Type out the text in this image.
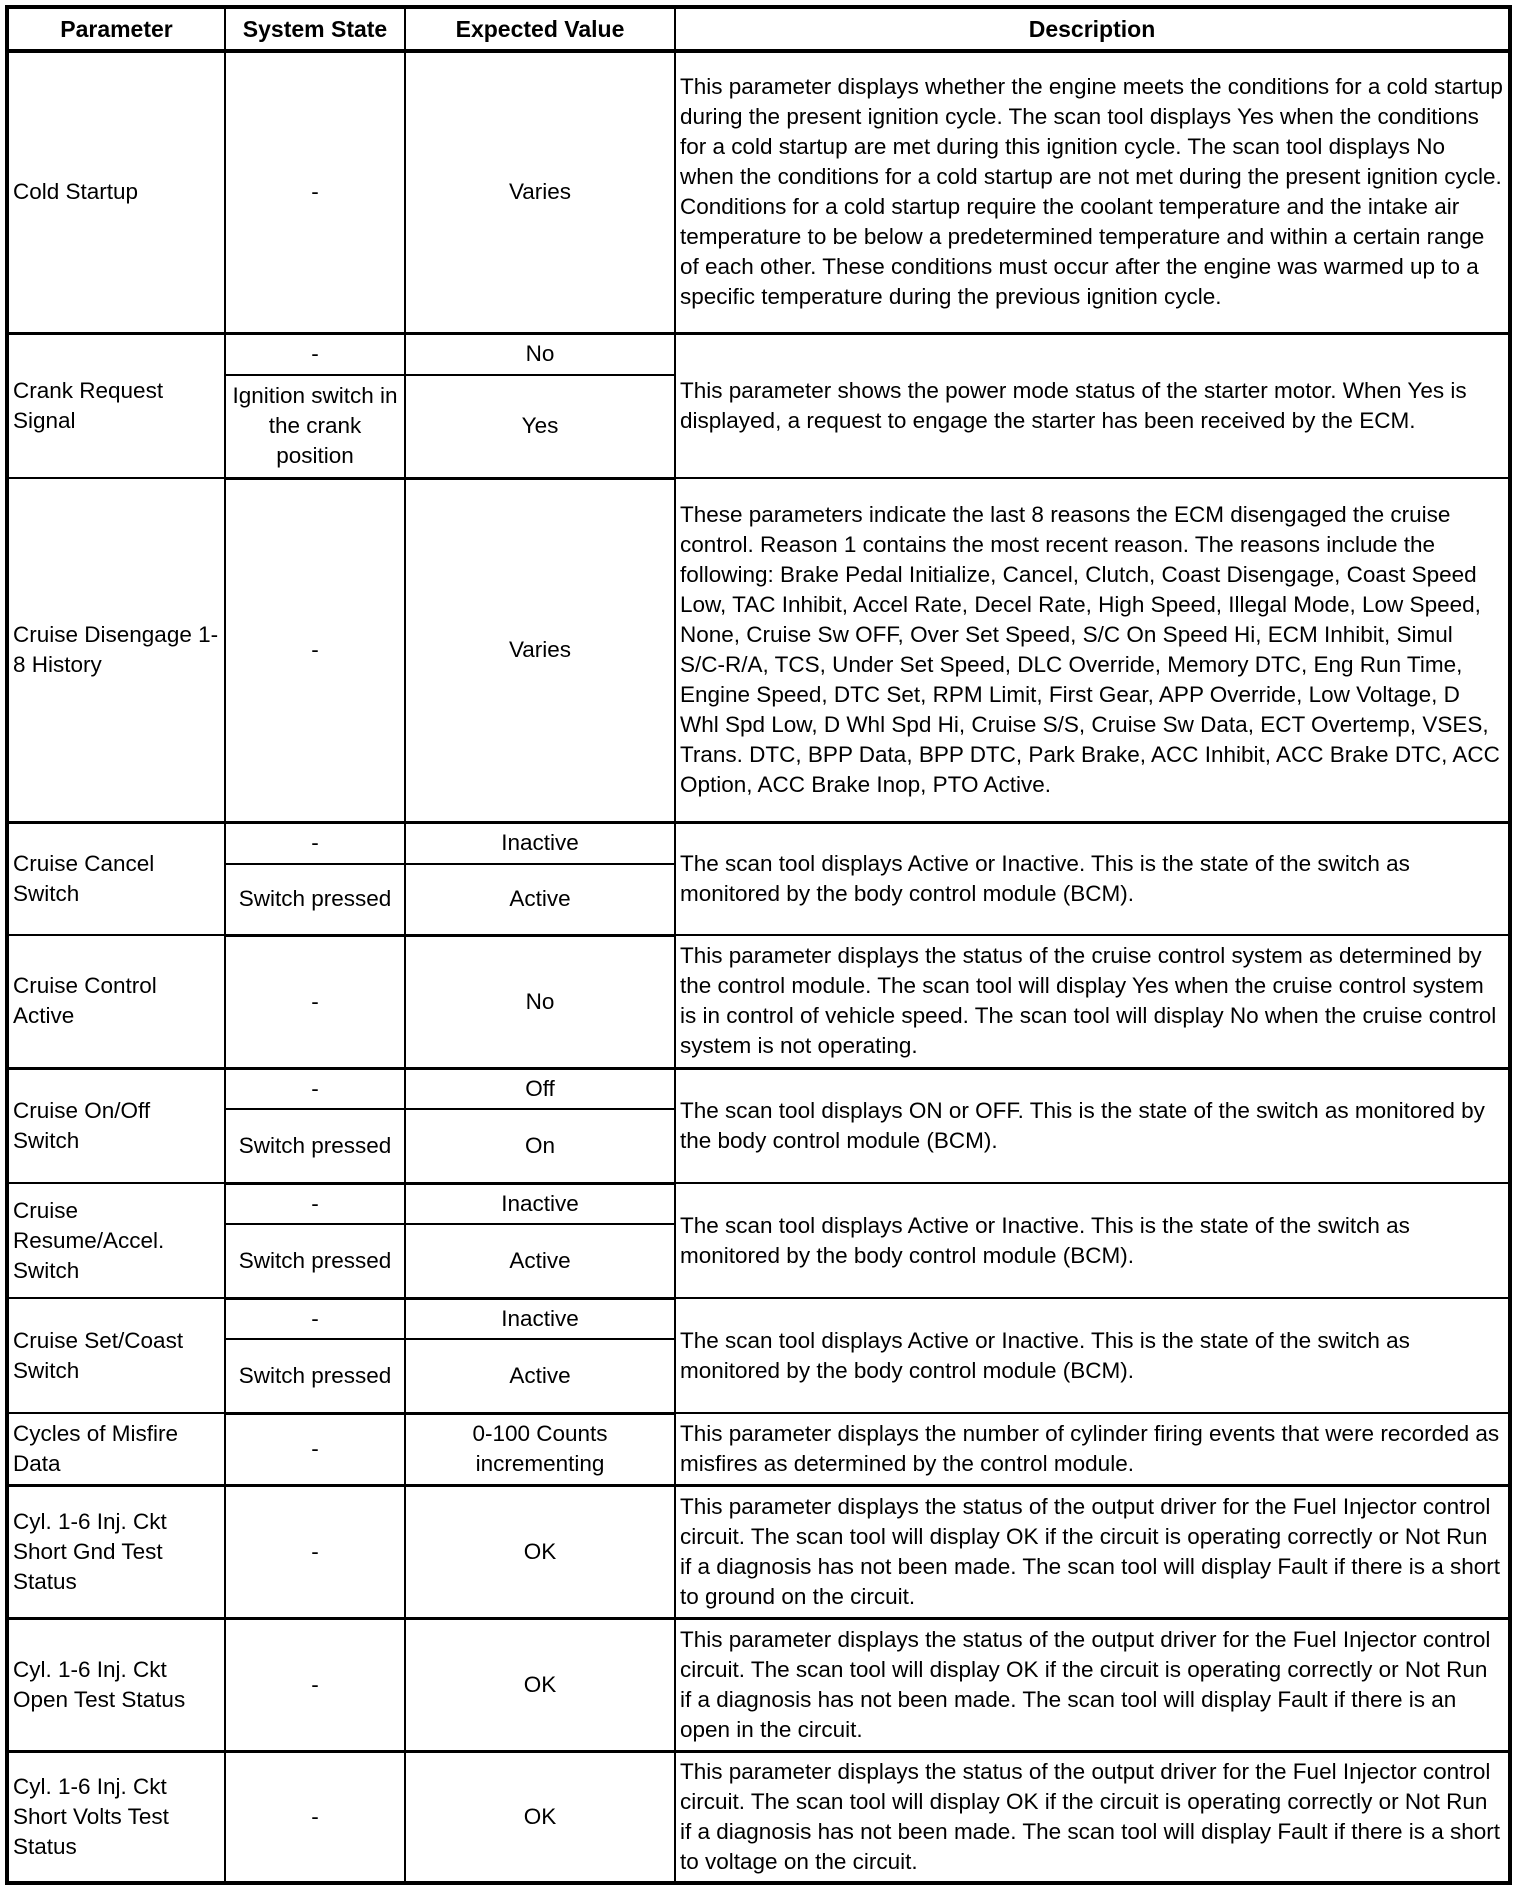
Parameter	System State	Expected Value	Description
Cold Startup	-	Varies	This parameter displays whether the engine meets the conditions for a cold startup during the present ignition cycle. The scan tool displays Yes when the conditions for a cold startup are met during this ignition cycle. The scan tool displays No when the conditions for a cold startup are not met during the present ignition cycle. Conditions for a cold startup require the coolant temperature and the intake air temperature to be below a predetermined temperature and within a certain range of each other. These conditions must occur after the engine was warmed up to a specific temperature during the previous ignition cycle.
Crank Request Signal	-	No	This parameter shows the power mode status of the starter motor. When Yes is displayed, a request to engage the starter has been received by the ECM.
	Ignition switch in the crank position	Yes	
Cruise Disengage 1-8 History	-	Varies	These parameters indicate the last 8 reasons the ECM disengaged the cruise control. Reason 1 contains the most recent reason. The reasons include the following: Brake Pedal Initialize, Cancel, Clutch, Coast Disengage, Coast Speed Low, TAC Inhibit, Accel Rate, Decel Rate, High Speed, Illegal Mode, Low Speed, None, Cruise Sw OFF, Over Set Speed, S/C On Speed Hi, ECM Inhibit, Simul S/C-R/A, TCS, Under Set Speed, DLC Override, Memory DTC, Eng Run Time, Engine Speed, DTC Set, RPM Limit, First Gear, APP Override, Low Voltage, D Whl Spd Low, D Whl Spd Hi, Cruise S/S, Cruise Sw Data, ECT Overtemp, VSES, Trans. DTC, BPP Data, BPP DTC, Park Brake, ACC Inhibit, ACC Brake DTC, ACC Option, ACC Brake Inop, PTO Active.
Cruise Cancel Switch	-	Inactive	The scan tool displays Active or Inactive. This is the state of the switch as monitored by the body control module (BCM).
	Switch pressed	Active	
Cruise Control Active	-	No	This parameter displays the status of the cruise control system as determined by the control module. The scan tool will display Yes when the cruise control system is in control of vehicle speed. The scan tool will display No when the cruise control system is not operating.
Cruise On/Off Switch	-	Off	The scan tool displays ON or OFF. This is the state of the switch as monitored by the body control module (BCM).
	Switch pressed	On	
Cruise Resume/Accel. Switch	-	Inactive	The scan tool displays Active or Inactive. This is the state of the switch as monitored by the body control module (BCM).
	Switch pressed	Active	
Cruise Set/Coast Switch	-	Inactive	The scan tool displays Active or Inactive. This is the state of the switch as monitored by the body control module (BCM).
	Switch pressed	Active	
Cycles of Misfire Data	-	0-100 Counts incrementing	This parameter displays the number of cylinder firing events that were recorded as misfires as determined by the control module.
Cyl. 1-6 Inj. Ckt Short Gnd Test Status	-	OK	This parameter displays the status of the output driver for the Fuel Injector control circuit. The scan tool will display OK if the circuit is operating correctly or Not Run if a diagnosis has not been made. The scan tool will display Fault if there is a short to ground on the circuit.
Cyl. 1-6 Inj. Ckt Open Test Status	-	OK	This parameter displays the status of the output driver for the Fuel Injector control circuit. The scan tool will display OK if the circuit is operating correctly or Not Run if a diagnosis has not been made. The scan tool will display Fault if there is an open in the circuit.
Cyl. 1-6 Inj. Ckt Short Volts Test Status	-	OK	This parameter displays the status of the output driver for the Fuel Injector control circuit. The scan tool will display OK if the circuit is operating correctly or Not Run if a diagnosis has not been made. The scan tool will display Fault if there is a short to voltage on the circuit.
